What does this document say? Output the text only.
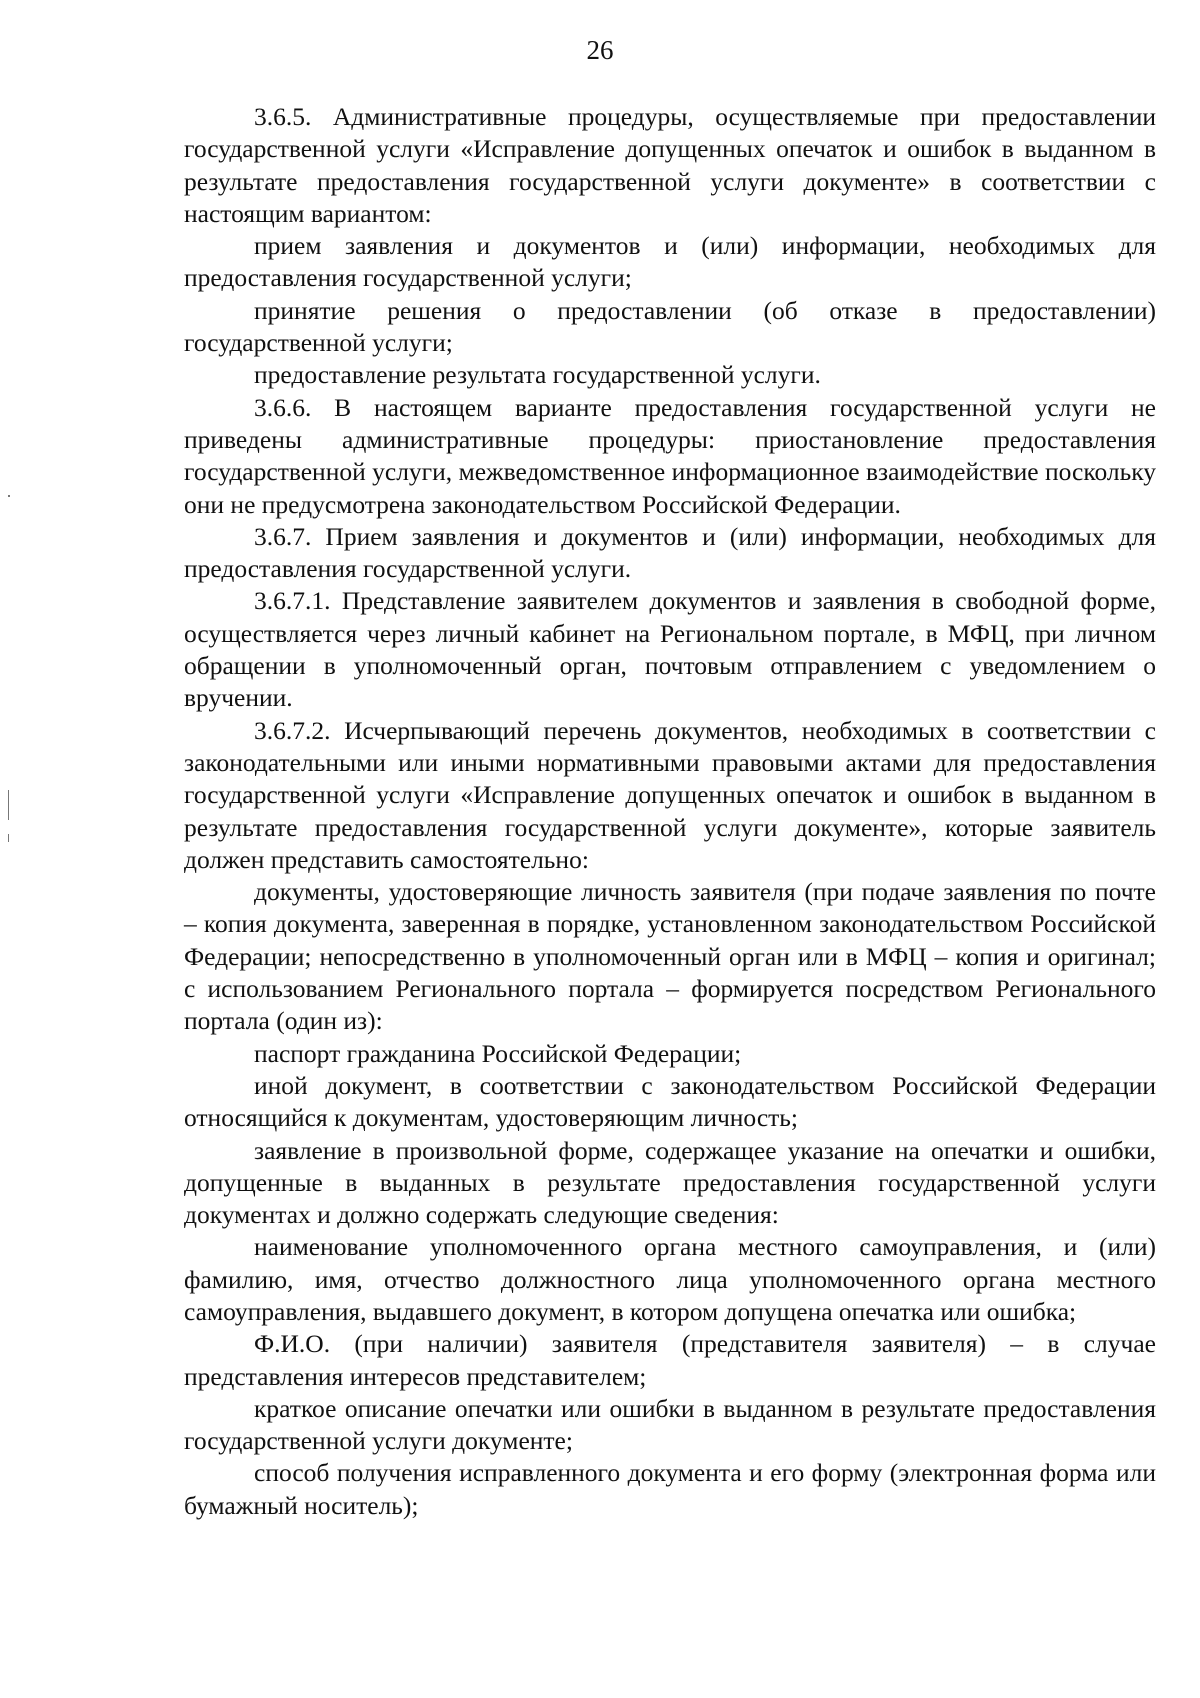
26

3.6.5. Административные процедуры, осуществляемые при предоставлении государственной услуги «Исправление допущенных опечаток и ошибок в выданном в результате предоставления государственной услуги документе» в соответствии с настоящим вариантом:

прием заявления и документов и (или) информации, необходимых для предоставления государственной услуги;

принятие решения о предоставлении (об отказе в предоставлении) государственной услуги;

предоставление результата государственной услуги.

3.6.6. В настоящем варианте предоставления государственной услуги не приведены административные процедуры: приостановление предоставления государственной услуги, межведомственное информационное взаимодействие поскольку они не предусмотрена законодательством Российской Федерации.

3.6.7. Прием заявления и документов и (или) информации, необходимых для предоставления государственной услуги.

3.6.7.1. Представление заявителем документов и заявления в свободной форме, осуществляется через личный кабинет на Региональном портале, в МФЦ, при личном обращении в уполномоченный орган, почтовым отправлением с уведомлением о вручении.

3.6.7.2. Исчерпывающий перечень документов, необходимых в соответствии с законодательными или иными нормативными правовыми актами для предоставления государственной услуги «Исправление допущенных опечаток и ошибок в выданном в результате предоставления государственной услуги документе», которые заявитель должен представить самостоятельно:

документы, удостоверяющие личность заявителя (при подаче заявления по почте – копия документа, заверенная в порядке, установленном законодательством Российской Федерации; непосредственно в уполномоченный орган или в МФЦ – копия и оригинал; с использованием Регионального портала – формируется посредством Регионального портала (один из):

паспорт гражданина Российской Федерации;

иной документ, в соответствии с законодательством Российской Федерации относящийся к документам, удостоверяющим личность;

заявление в произвольной форме, содержащее указание на опечатки и ошибки, допущенные в выданных в результате предоставления государственной услуги документах и должно содержать следующие сведения:

наименование уполномоченного органа местного самоуправления, и (или) фамилию, имя, отчество должностного лица уполномоченного органа местного самоуправления, выдавшего документ, в котором допущена опечатка или ошибка;

Ф.И.О. (при наличии) заявителя (представителя заявителя) – в случае представления интересов представителем;

краткое описание опечатки или ошибки в выданном в результате предоставления государственной услуги документе;

способ получения исправленного документа и его форму (электронная форма или бумажный носитель);
